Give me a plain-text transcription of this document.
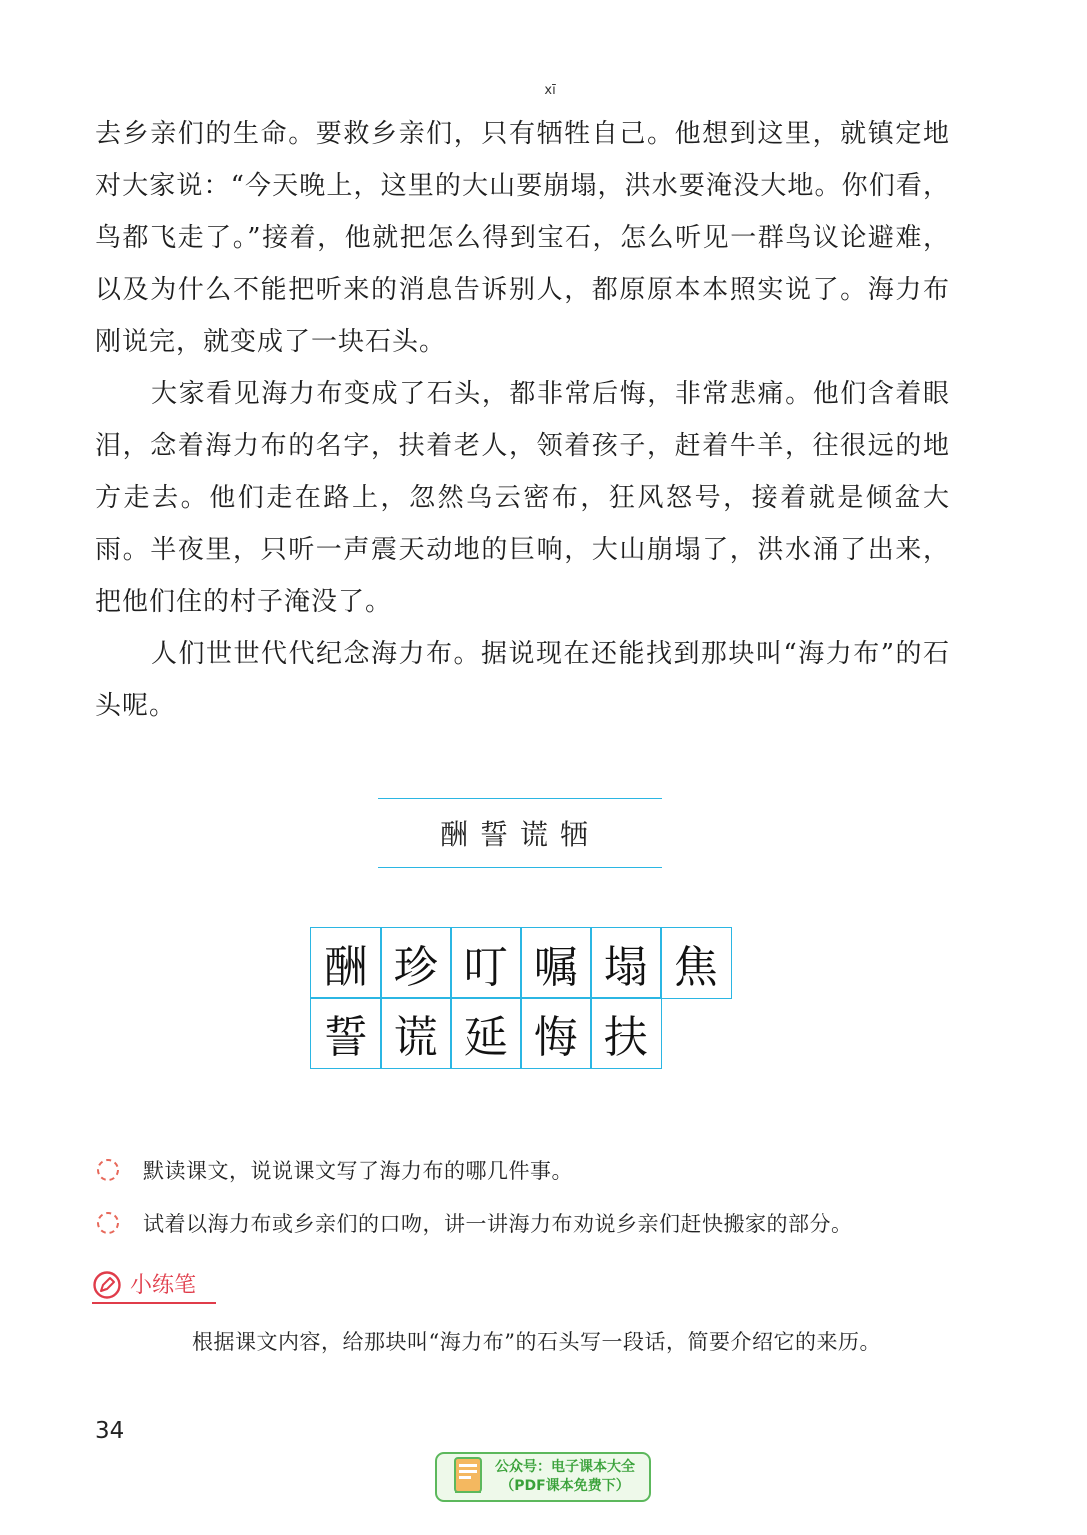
去乡亲们的生命。要救乡亲们，只有
xī
牺牲自己。他想到这里，就镇定地对大家说：“今天晚上，这里的大山要崩塌，洪水要淹没大地。你们看，鸟都飞走了。”接着，他就把怎么得到宝石，怎么听见一群鸟议论避难，以及为什么不能把听来的消息告诉别人，都原原本本照实说了。海力布刚说完，就变成了一块石头。

大家看见海力布变成了石头，都非常后悔，非常悲痛。他们含着眼泪，念着海力布的名字，扶着老人，领着孩子，赶着牛羊，往很远的地方走去。他们走在路上，忽然乌云密布，狂风怒号，接着就是倾盆大雨。半夜里，只听一声震天动地的巨响，大山崩塌了，洪水涌了出来，把他们住的村子淹没了。

人们世世代代纪念海力布。据说现在还能找到那块叫“海力布”的石头呢。

酬誓谎牺
酬 珍 叮 嘱 塌 焦
誓 谎 延 悔 扶
默读课文，说说课文写了海力布的哪几件事。
试着以海力布或乡亲们的口吻，讲一讲海力布劝说乡亲们赶快搬家的部分。
小练笔
根据课文内容，给那块叫“海力布”的石头写一段话，简要介绍它的来历。
34
公众号：电子课本大全
（PDF课本免费下）
